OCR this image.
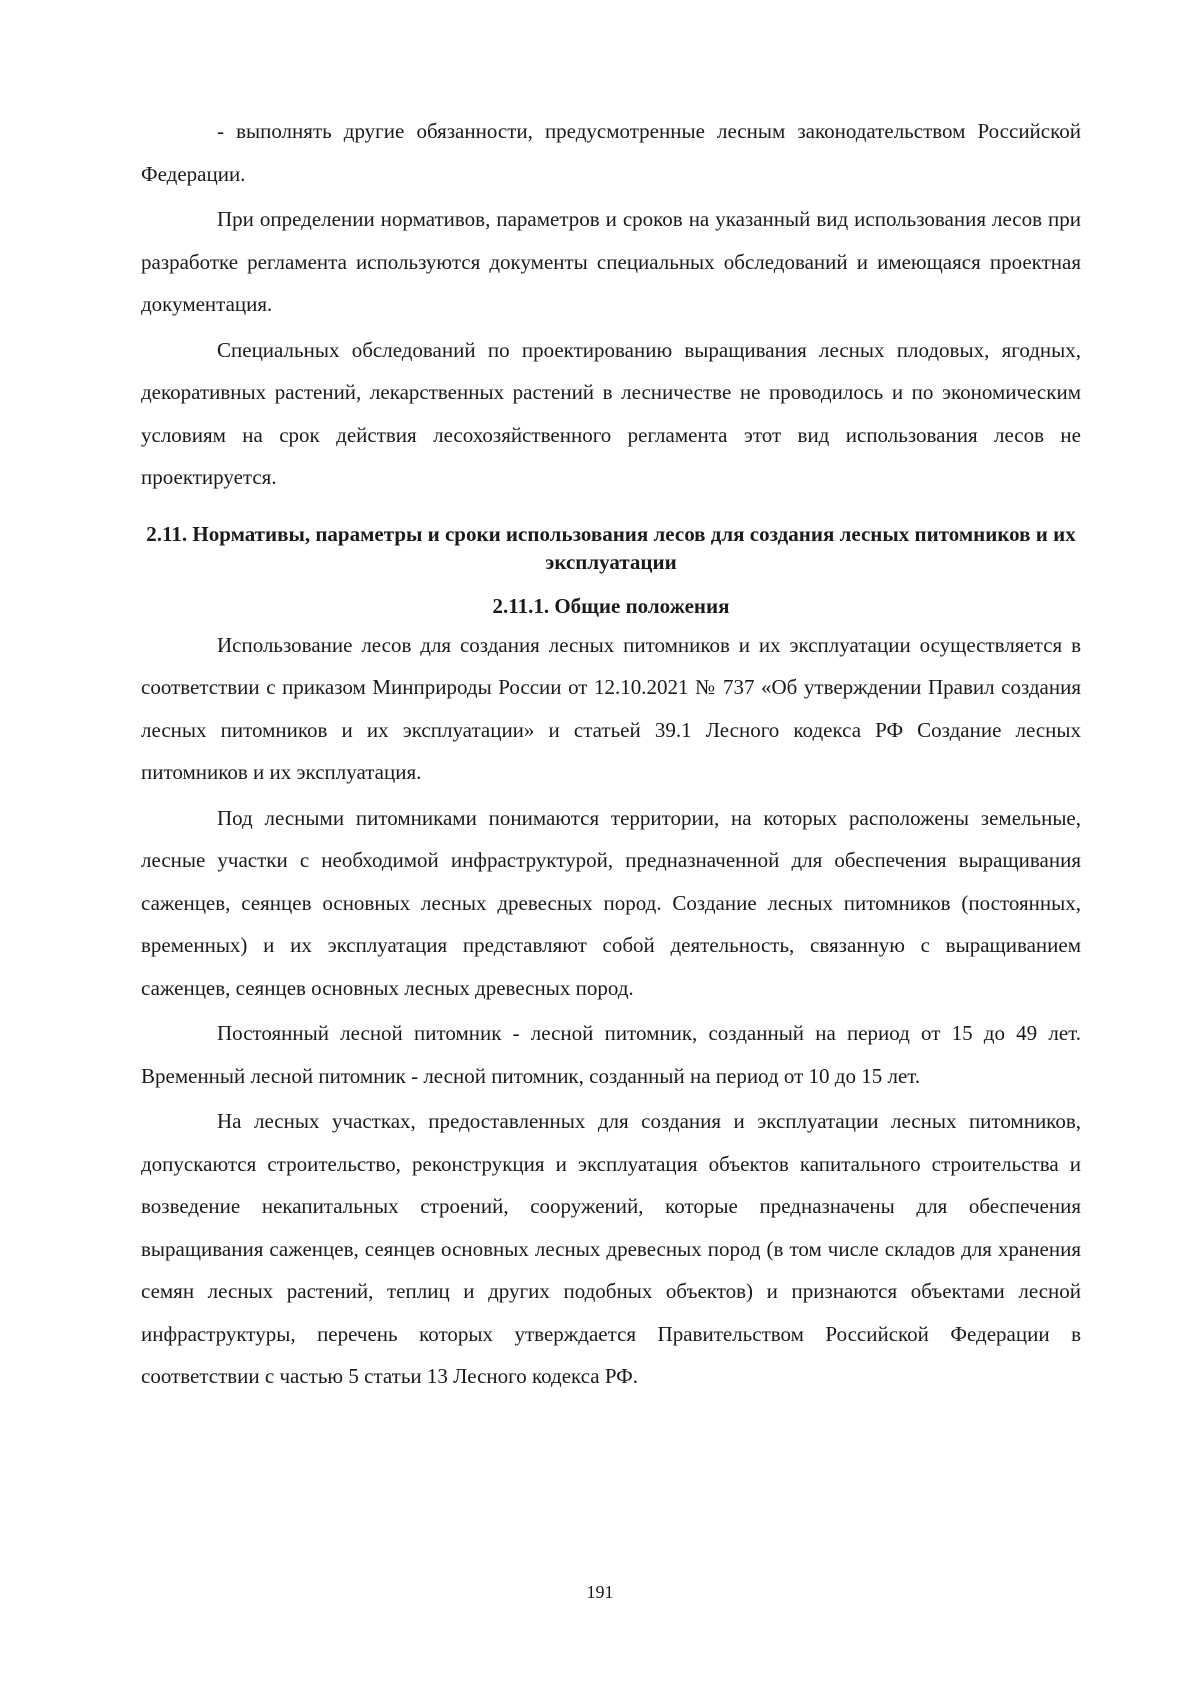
- выполнять другие обязанности, предусмотренные лесным законодательством Российской Федерации.

При определении нормативов, параметров и сроков на указанный вид использования лесов при разработке регламента используются документы специальных обследований и имеющаяся проектная документация.

Специальных обследований по проектированию выращивания лесных плодовых, ягодных, декоративных растений, лекарственных растений в лесничестве не проводилось и по экономическим условиям на срок действия лесохозяйственного регламента этот вид использования лесов не проектируется.

2.11. Нормативы, параметры и сроки использования лесов для создания лесных питомников и их эксплуатации
2.11.1. Общие положения

Использование лесов для создания лесных питомников и их эксплуатации осуществляется в соответствии с приказом Минприроды России от 12.10.2021 № 737 «Об утверждении Правил создания лесных питомников и их эксплуатации» и статьей 39.1 Лесного кодекса РФ Создание лесных питомников и их эксплуатация.

Под лесными питомниками понимаются территории, на которых расположены земельные, лесные участки с необходимой инфраструктурой, предназначенной для обеспечения выращивания саженцев, сеянцев основных лесных древесных пород. Создание лесных питомников (постоянных, временных) и их эксплуатация представляют собой деятельность, связанную с выращиванием саженцев, сеянцев основных лесных древесных пород.

Постоянный лесной питомник - лесной питомник, созданный на период от 15 до 49 лет. Временный лесной питомник - лесной питомник, созданный на период от 10 до 15 лет.

На лесных участках, предоставленных для создания и эксплуатации лесных питомников, допускаются строительство, реконструкция и эксплуатация объектов капитального строительства и возведение некапитальных строений, сооружений, которые предназначены для обеспечения выращивания саженцев, сеянцев основных лесных древесных пород (в том числе складов для хранения семян лесных растений, теплиц и других подобных объектов) и признаются объектами лесной инфраструктуры, перечень которых утверждается Правительством Российской Федерации в соответствии с частью 5 статьи 13 Лесного кодекса РФ.

191
